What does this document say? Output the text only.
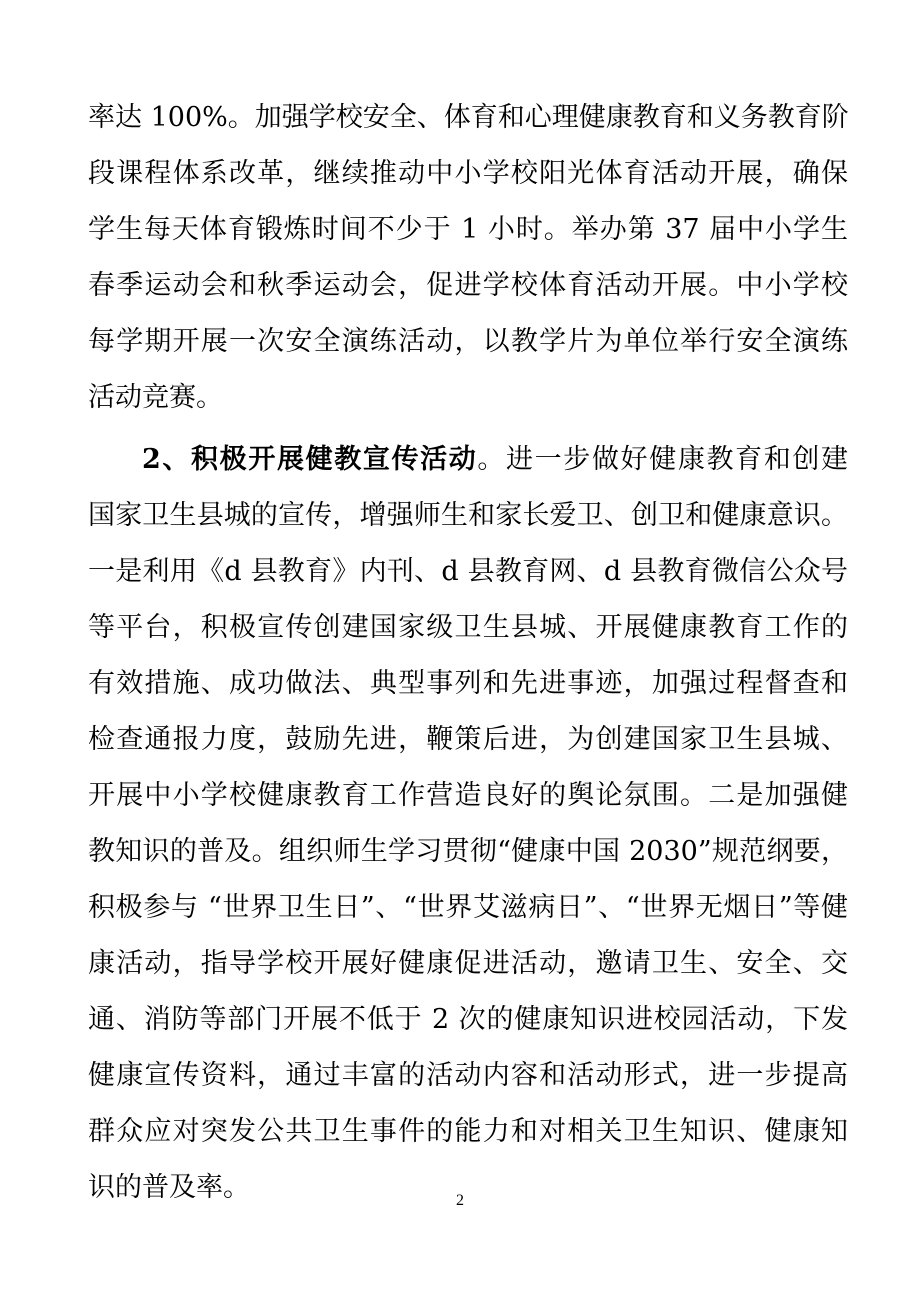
率达 100%。加强学校安全、体育和心理健康教育和义务教育阶
段课程体系改革，继续推动中小学校阳光体育活动开展，确保
学生每天体育锻炼时间不少于 1 小时。举办第 37 届中小学生
春季运动会和秋季运动会，促进学校体育活动开展。中小学校
每学期开展一次安全演练活动，以教学片为单位举行安全演练
活动竞赛。
2、积极开展健教宣传活动。进一步做好健康教育和创建
国家卫生县城的宣传，增强师生和家长爱卫、创卫和健康意识。
一是利用《d 县教育》内刊、d 县教育网、d 县教育微信公众号
等平台，积极宣传创建国家级卫生县城、开展健康教育工作的
有效措施、成功做法、典型事列和先进事迹，加强过程督查和
检查通报力度，鼓励先进，鞭策后进，为创建国家卫生县城、
开展中小学校健康教育工作营造良好的舆论氛围。二是加强健
教知识的普及。组织师生学习贯彻“健康中国 2030”规范纲要，
积极参与 “世界卫生日”、“世界艾滋病日”、“世界无烟日”等健
康活动，指导学校开展好健康促进活动，邀请卫生、安全、交
通、消防等部门开展不低于 2 次的健康知识进校园活动，下发
健康宣传资料，通过丰富的活动内容和活动形式，进一步提高
群众应对突发公共卫生事件的能力和对相关卫生知识、健康知
识的普及率。	2
